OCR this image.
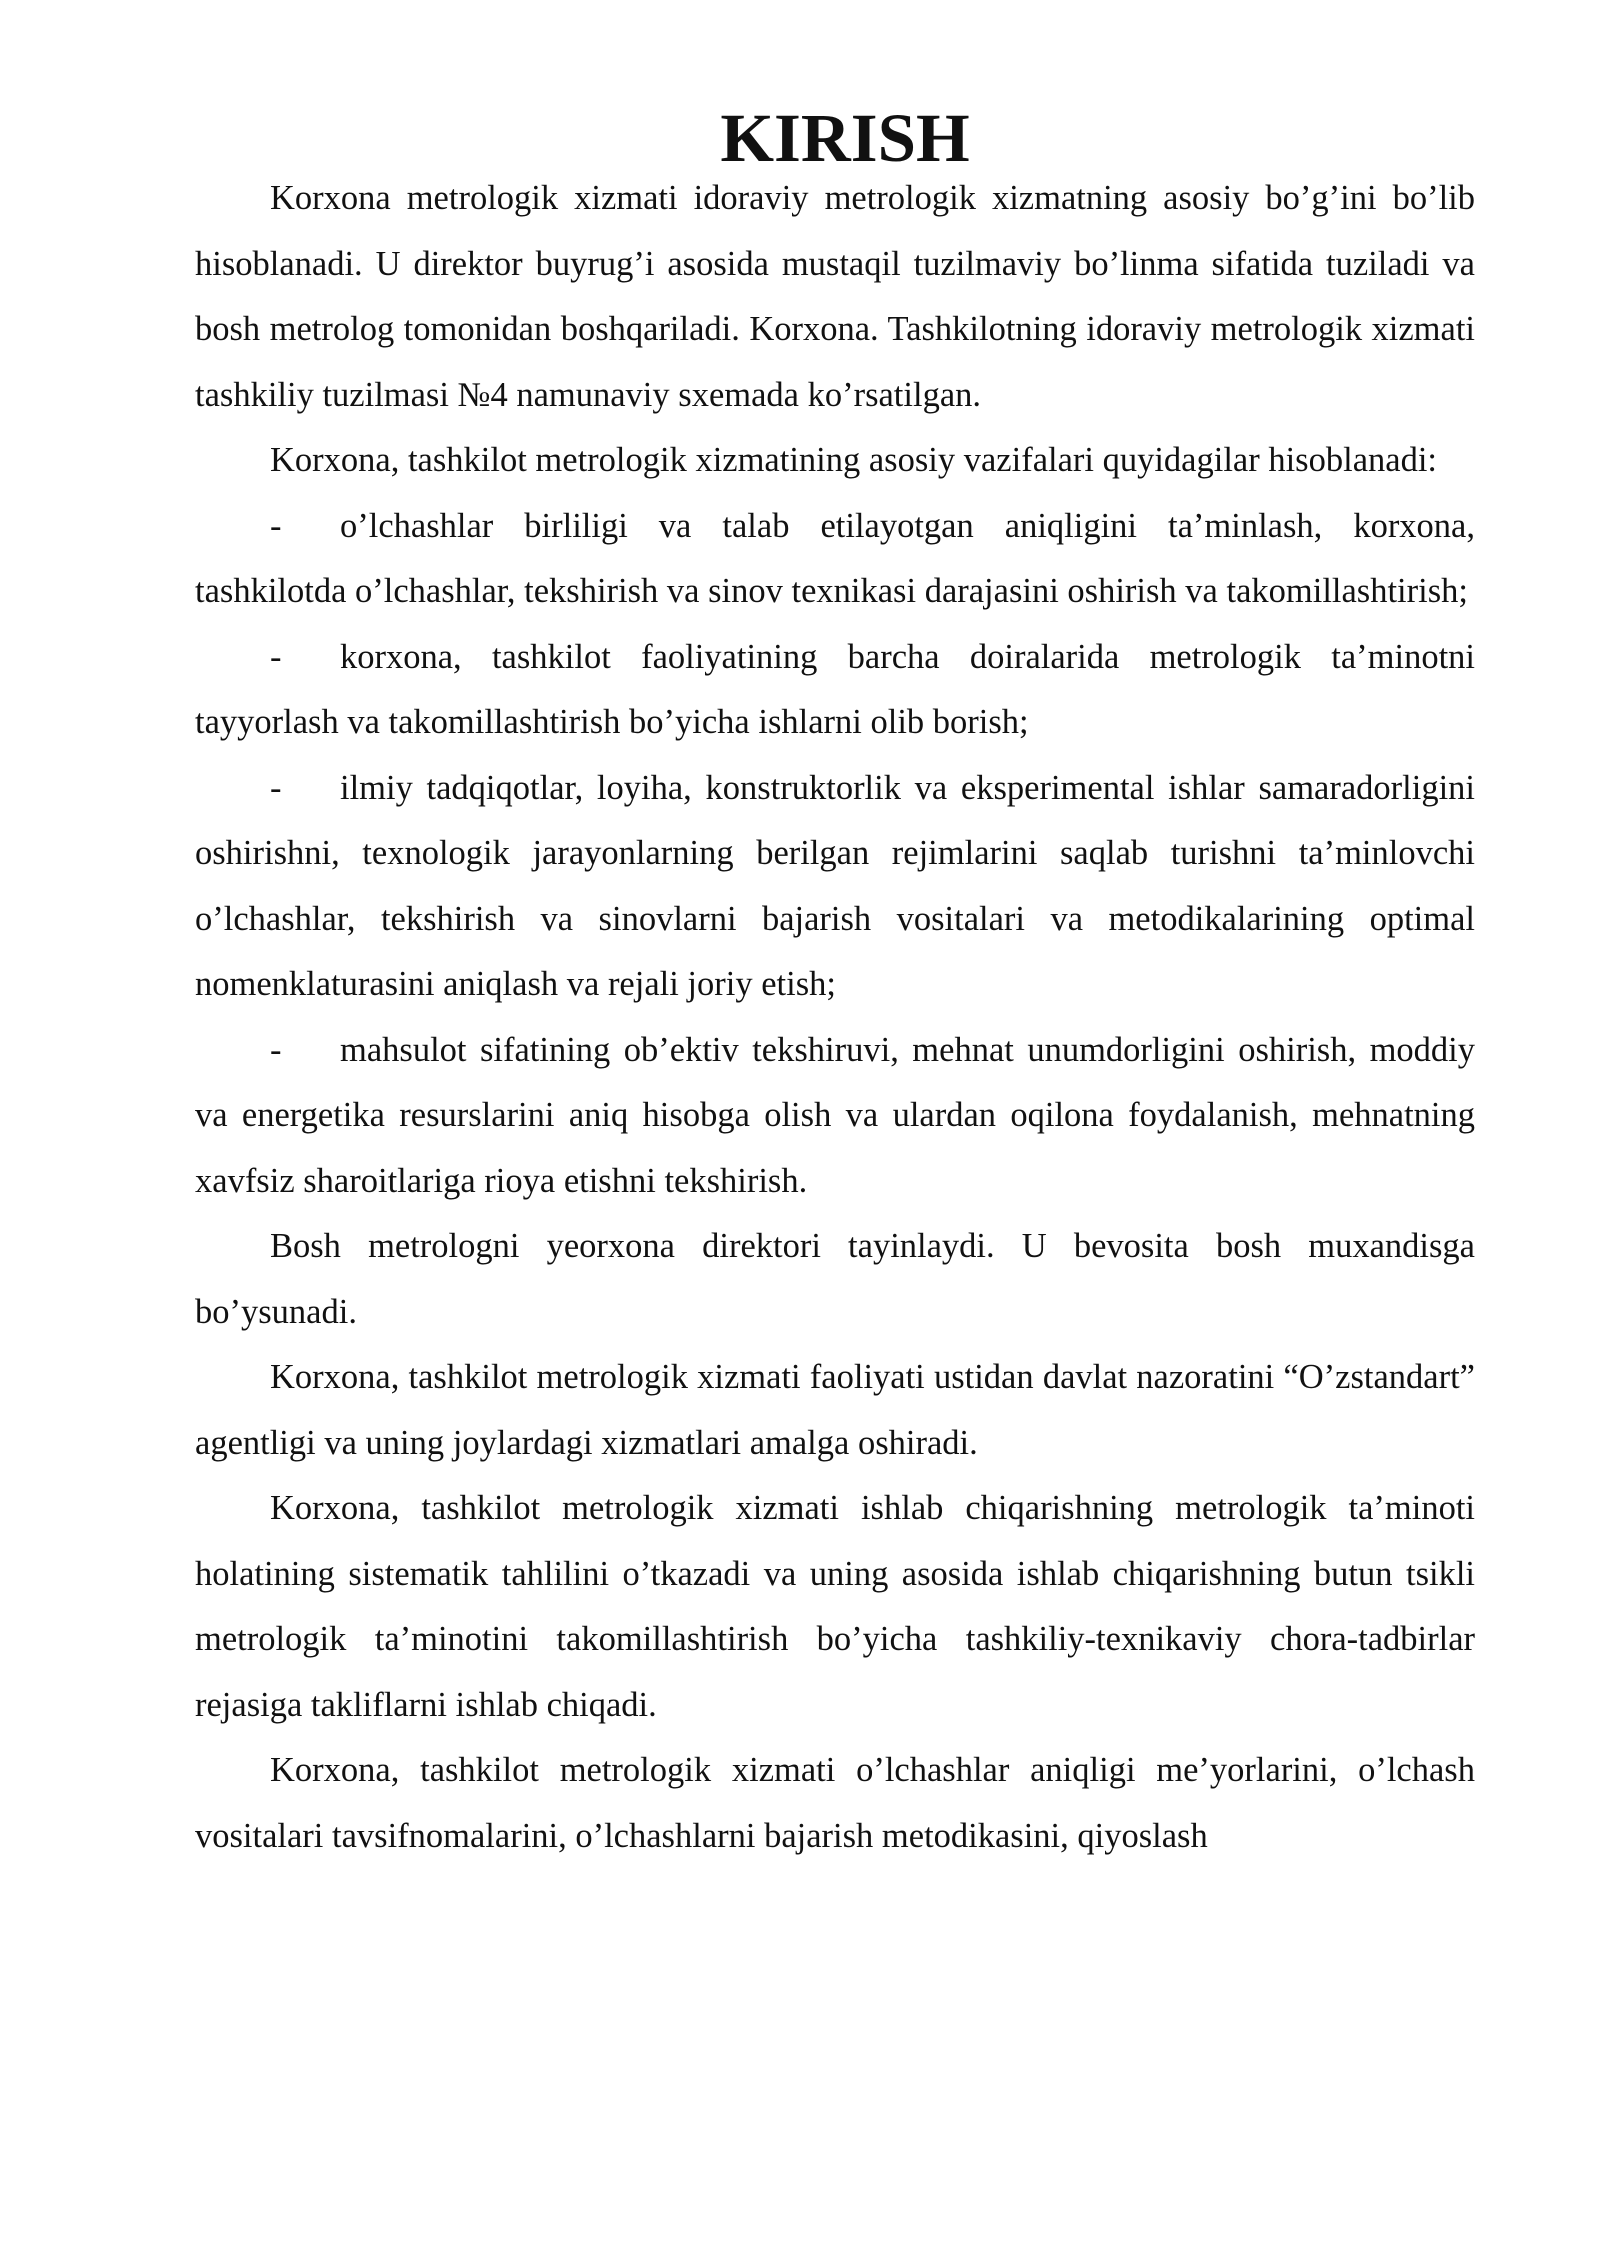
KIRISH

Korxona metrologik xizmati idoraviy metrologik xizmatning asosiy bo’g’ini bo’lib hisoblanadi. U direktor buyrug’i asosida mustaqil tuzilmaviy bo’linma sifatida tuziladi va bosh metrolog tomonidan boshqariladi. Korxona. Tashkilotning idoraviy metrologik xizmati tashkiliy tuzilmasi №4 namunaviy sxemada ko’rsatilgan.

Korxona, tashkilot metrologik xizmatining asosiy vazifalari quyidagilar hisoblanadi:

- o’lchashlar birliligi va talab etilayotgan aniqligini ta’minlash, korxona, tashkilotda o’lchashlar, tekshirish va sinov texnikasi darajasini oshirish va takomillashtirish;

- korxona, tashkilot faoliyatining barcha doiralarida metrologik ta’minotni tayyorlash va takomillashtirish bo’yicha ishlarni olib borish;

- ilmiy tadqiqotlar, loyiha, konstruktorlik va eksperimental ishlar samaradorligini oshirishni, texnologik jarayonlarning berilgan rejimlarini saqlab turishni ta’minlovchi o’lchashlar, tekshirish va sinovlarni bajarish vositalari va metodikalarining optimal nomenklaturasini aniqlash va rejali joriy etish;

- mahsulot sifatining ob’ektiv tekshiruvi, mehnat unumdorligini oshirish, moddiy va energetika resurslarini aniq hisobga olish va ulardan oqilona foydalanish, mehnatning xavfsiz sharoitlariga rioya etishni tekshirish.

Bosh metrologni yeorxona direktori tayinlaydi. U bevosita bosh muxandisga bo’ysunadi.

Korxona, tashkilot metrologik xizmati faoliyati ustidan davlat nazoratini “O’zstandart” agentligi va uning joylardagi xizmatlari amalga oshiradi.

Korxona, tashkilot metrologik xizmati ishlab chiqarishning metrologik ta’minoti holatining sistematik tahlilini o’tkazadi va uning asosida ishlab chiqarishning butun tsikli metrologik ta’minotini takomillashtirish bo’yicha tashkiliy-texnikaviy chora-tadbirlar rejasiga takliflarni ishlab chiqadi.

Korxona, tashkilot metrologik xizmati o’lchashlar aniqligi me’yorlarini, o’lchash vositalari tavsifnomalarini, o’lchashlarni bajarish metodikasini, qiyoslash
